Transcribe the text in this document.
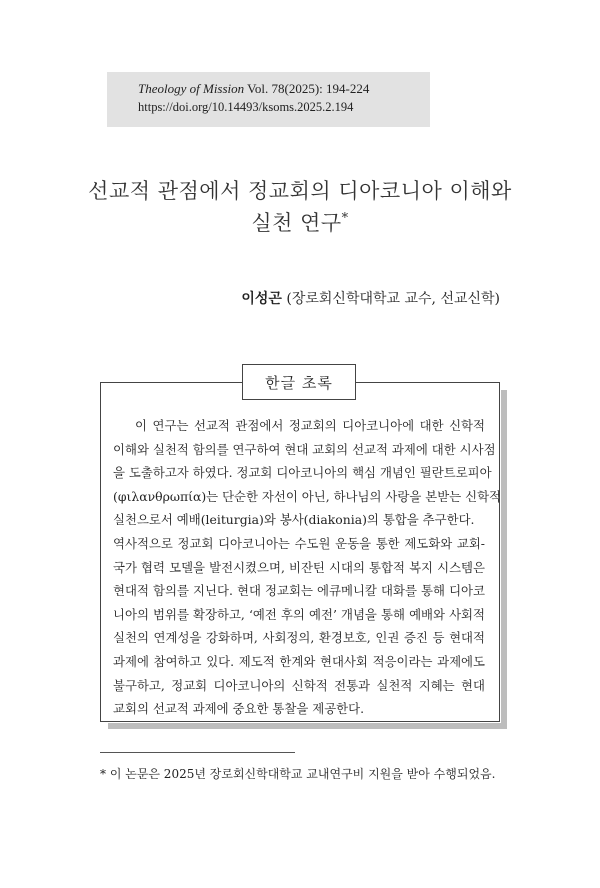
Theology of Mission Vol. 78(2025): 194-224
https://doi.org/10.14493/ksoms.2025.2.194
선교적 관점에서 정교회의 디아코니아 이해와
실천 연구*
이성곤 (장로회신학대학교 교수, 선교신학)
한글 초록
이 연구는 선교적 관점에서 정교회의 디아코니아에 대한 신학적
이해와 실천적 함의를 연구하여 현대 교회의 선교적 과제에 대한 시사점
을 도출하고자 하였다. 정교회 디아코니아의 핵심 개념인 필란트로피아
(φιλανθρωπία)는 단순한 자선이 아닌, 하나님의 사랑을 본받는 신학적
실천으로서 예배(leiturgia)와 봉사(diakonia)의 통합을 추구한다.
역사적으로 정교회 디아코니아는 수도원 운동을 통한 제도화와 교회-
국가 협력 모델을 발전시켰으며, 비잔틴 시대의 통합적 복지 시스템은
현대적 함의를 지닌다. 현대 정교회는 에큐메니칼 대화를 통해 디아코
니아의 범위를 확장하고, ‘예전 후의 예전’ 개념을 통해 예배와 사회적
실천의 연계성을 강화하며, 사회정의, 환경보호, 인권 증진 등 현대적
과제에 참여하고 있다. 제도적 한계와 현대사회 적응이라는 과제에도
불구하고, 정교회 디아코니아의 신학적 전통과 실천적 지혜는 현대
교회의 선교적 과제에 중요한 통찰을 제공한다.
* 이 논문은 2025년 장로회신학대학교 교내연구비 지원을 받아 수행되었음.
